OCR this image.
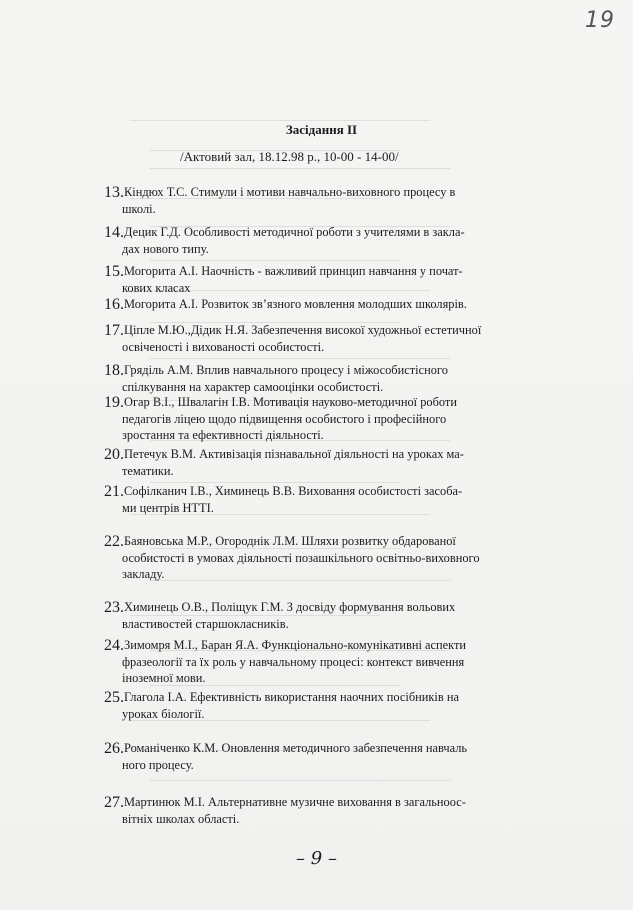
19
Засідання II
/Актовий зал, 18.12.98 р., 10-00 - 14-00/
13.Кіндюх Т.С. Стимули і мотиви навчально-виховного процесу в
школі.
14.Децик Г.Д. Особливості методичної роботи з учителями в закла-
дах нового типу.
15.Могорита А.І. Наочність - важливий принцип навчання у почат-
кових класах
16.Могорита А.І. Розвиток зв’язного мовлення молодших школярів.
17.Ціпле М.Ю.,Дідик Н.Я. Забезпечення високої художньої естетичної
освіченості і вихованості особистості.
18.Гряділь А.М. Вплив навчального процесу і міжособистісного
спілкування на характер самооцінки особистості.
19.Огар В.І., Швалагін І.В. Мотивація науково-методичної роботи
педагогів ліцею щодо підвищення особистого і професійного
зростання та ефективності діяльності.
20.Петечук В.М. Активізація пізнавальної діяльності на уроках ма-
тематики.
21.Софілканич І.В., Химинець В.В. Виховання особистості засоба-
ми центрів НТТІ.
22.Баяновська М.Р., Огороднік Л.М. Шляхи розвитку обдарованої
особистості в умовах діяльності позашкільного освітньо-виховного
закладу.
23.Химинець О.В., Поліщук Г.М. З досвіду формування вольових
властивостей старшокласників.
24.Зимомря М.І., Баран Я.А. Функціонально-комунікативні аспекти
фразеології та їх роль у навчальному процесі: контекст вивчення
іноземної мови.
25.Глагола І.А. Ефективність використання наочних посібників на
уроках біології.
26.Романіченко К.М. Оновлення методичного забезпечення навчаль
ного процесу.
27.Мартинюк М.І. Альтернативне музичне виховання в загальноос-
вітніх школах області.
– 9 –
